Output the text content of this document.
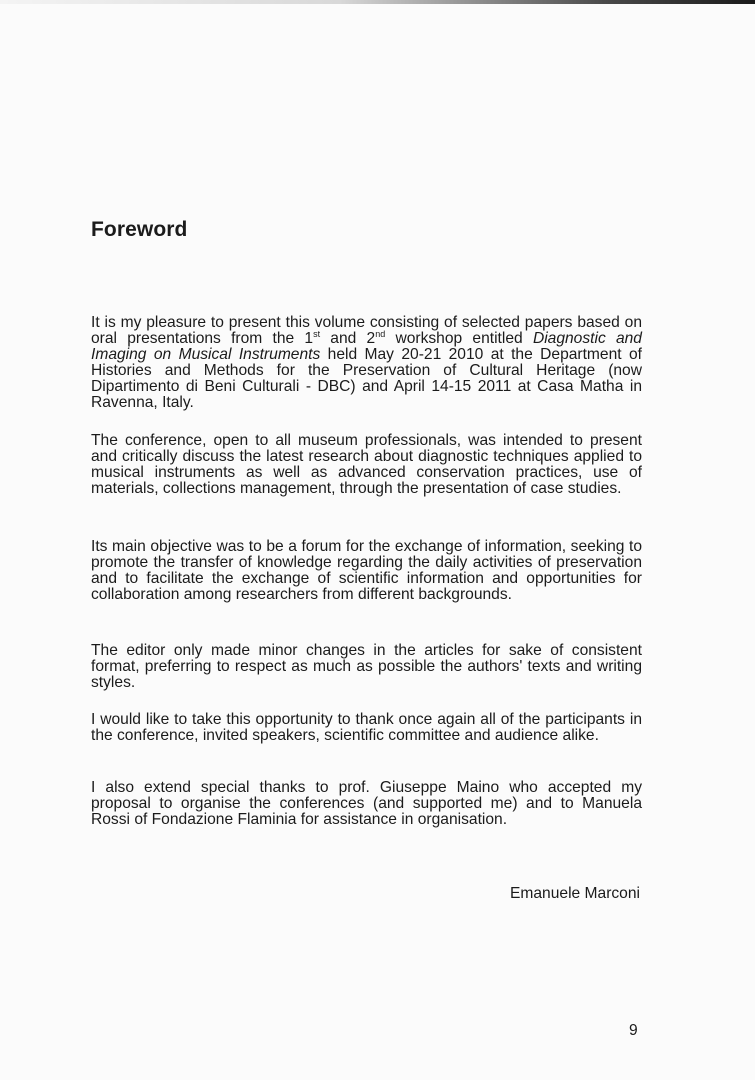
Foreword

It is my pleasure to present this volume consisting of selected papers based on oral presentations from the 1st and 2nd workshop entitled Diagnostic and Imaging on Musical Instruments held May 20-21 2010 at the Department of Histories and Methods for the Preservation of Cultural Heritage (now Dipartimento di Beni Culturali - DBC) and April 14-15 2011 at Casa Matha in Ravenna, Italy.

The conference, open to all museum professionals, was intended to present and critically discuss the latest research about diagnostic techniques applied to musical instruments as well as advanced conservation practices, use of materials, collections management, through the presentation of case studies.

Its main objective was to be a forum for the exchange of information, seeking to promote the transfer of knowledge regarding the daily activities of preservation and to facilitate the exchange of scientific information and opportunities for collaboration among researchers from different backgrounds.

The editor only made minor changes in the articles for sake of consistent format, preferring to respect as much as possible the authors' texts and writing styles.

I would like to take this opportunity to thank once again all of the participants in the conference, invited speakers, scientific committee and audience alike.

I also extend special thanks to prof. Giuseppe Maino who accepted my proposal to organise the conferences (and supported me) and to Manuela Rossi of Fondazione Flaminia for assistance in organisation.

Emanuele Marconi

9
